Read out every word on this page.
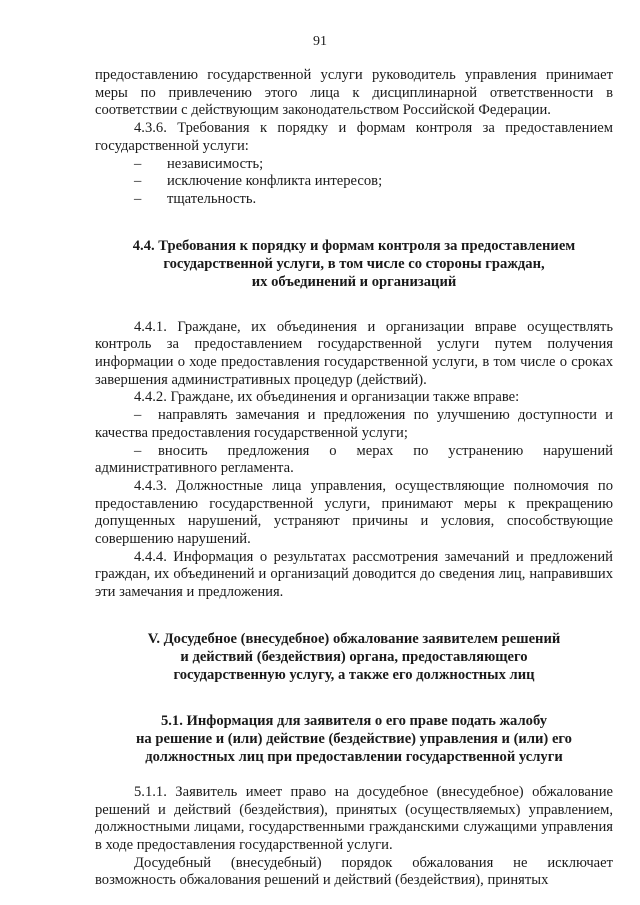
91

предоставлению государственной услуги руководитель управления принимает меры по привлечению этого лица к дисциплинарной ответственности в соответствии с действующим законодательством Российской Федерации.

4.3.6. Требования к порядку и формам контроля за предоставлением государственной услуги:

– независимость;

– исключение конфликта интересов;

– тщательность.

4.4. Требования к порядку и формам контроля за предоставлением

государственной услуги, в том числе со стороны граждан,

их объединений и организаций

4.4.1. Граждане, их объединения и организации вправе осуществлять контроль за предоставлением государственной услуги путем получения информации о ходе предоставления государственной услуги, в том числе о сроках завершения административных процедур (действий).

4.4.2. Граждане, их объединения и организации также вправе:

– направлять замечания и предложения по улучшению доступности и качества предоставления государственной услуги;

– вносить предложения о мерах по устранению нарушений административного регламента.

4.4.3. Должностные лица управления, осуществляющие полномочия по предоставлению государственной услуги, принимают меры к прекращению допущенных нарушений, устраняют причины и условия, способствующие совершению нарушений.

4.4.4. Информация о результатах рассмотрения замечаний и предложений граждан, их объединений и организаций доводится до сведения лиц, направивших эти замечания и предложения.

V. Досудебное (внесудебное) обжалование заявителем решений

и действий (бездействия) органа, предоставляющего

государственную услугу, а также его должностных лиц

5.1. Информация для заявителя о его праве подать жалобу

на решение и (или) действие (бездействие) управления и (или) его

должностных лиц при предоставлении государственной услуги

5.1.1. Заявитель имеет право на досудебное (внесудебное) обжалование решений и действий (бездействия), принятых (осуществляемых) управлением, должностными лицами, государственными гражданскими служащими управления в ходе предоставления государственной услуги.

Досудебный (внесудебный) порядок обжалования не исключает возможность обжалования решений и действий (бездействия), принятых
